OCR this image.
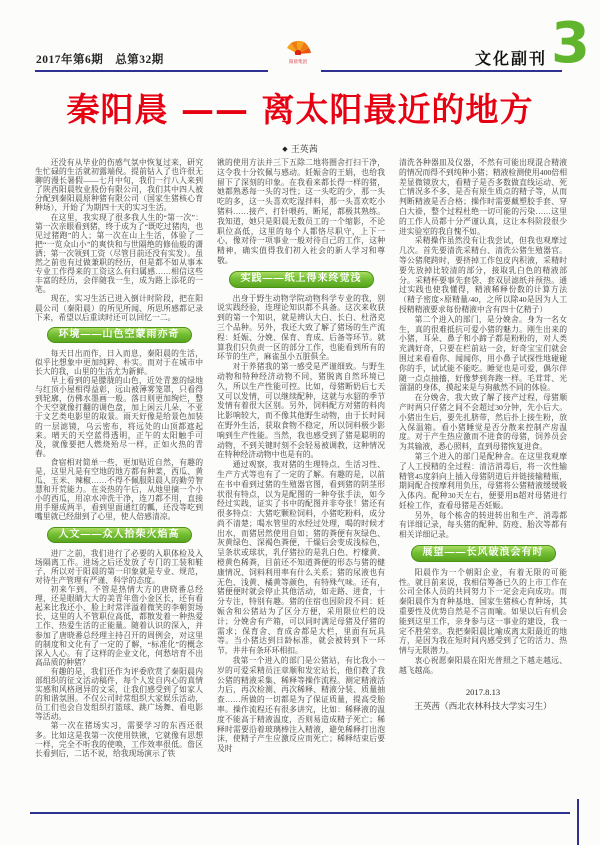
2017年第6期　总第32期	阳晨集团	文化副刊 3
秦阳晨 —— 离太阳最近的地方
◆ 王英茜

还没有从毕业的伤感气氛中恢复过来，研究生忙碌的生活就初露端倪。提前钻入了也许很无聊的漫长暑假——七月中旬，我们一行八人来到了陕西阳晨牧业股份有限公司，我们其中四人被分配到秦阳晨原种猪有限公司（国家生猪核心育种场），开始了为期四十天的实习生活。

在这里，我实现了很多我人生的“第一次”：第一次亲眼看到猪，终于成为了“既吃过猪肉，也见过猪跑”的人；第一次在山上生活，体验了一把“一览众山小”的爽快和与世隔绝的修仙般的潇洒；第一次领到工资（尽管目前还没有实发）。虽然之前也有过做兼职的经历，但是都不如从事本专业工作得来的工资这么有归属感……相信这些丰富的经历，会伴随我一生，成为路上添花的一笔。

现在，实习生活已进入倒计时阶段，把在阳晨公司（秦阳晨）的所见所闻、所思所感都记录下来，希望以后重读时还可以回忆一二。

环境——山色空蒙雨亦奇

每天日出而作，日入而息，秦阳晨的生活，似乎比想象中更加纯粹、朴实。而对于在城市中长大的我，山里的生活尤为新鲜。

早上看到的是朦胧的山色，近处青葱的绿地与红顶小屋相得益彰，远山被薄雾笼罩，只看得到轮廓，仿佛水墨画一般。落日则更加绚烂，整个天空就像打翻的调色盘，加上闲云几朵，不亚于文艺类电影里的取景。雨天好像是给景色加装的一层滤镜，乌云密布，将远处的山顶都遮起来。晴天的天空蓝得透明，正午的太阳触手可及，就像要把人燃烧殆尽一样，正如火热的青春。

食宿相对简单一些，更加贴近自然，有趣的是，这里凡是有空地的地方都有种菜，西瓜、黄瓜、玉米、辣椒……不得不佩服阳晨人的勤劳智慧和开荒能力。在炎热的午后，从地里摘一个小小的西瓜，用凉水冲洗干净，连刀都不用，直接用手掰成两半，看到里面通红的瓤，还没等吃到嘴里就已经甜到了心里，使人倍感清凉。

人文——众人拾柴火焰高

进厂之前，我们进行了必要的入职体检及入场隔离工作。进场之后还发放了专门的工装和鞋子，所以对于阳晨的第一印象就是专业、规范，对待生产管理有严谨、科学的态度。

初来乍到，不管是热情大方的唐晓番总经理，还是眼睛大大的美青年詹小金区长，还有看起来比我还小、脸上时常洋溢着微笑的李朝贺场长，这里的人不管职位高低，都散发着一种热爱工作、热爱生活的正能量。随着认识的深入，并参加了唐晓番总经理主持召开的周例会，对这里的制度和文化有了一定的了解，“标准化”的概念深入人心。有了这样的企业文化，何愁培育不出高品质的种猪？

有趣的是，我们还作为评委欣赏了秦阳晨内部组织的征文活动稿件，每个人发自内心的真情实感和风格迥异的文采，让我们感受到了如家人的和谐氛围。不仅公司时常组织大家娱乐活动，员工们也会自发组织打篮球、跳广场舞、看电影等活动。

第一次在猪场实习，需要学习的东西还很多。比如这是我第一次使用铁锹，它就像有思想一样，完全不听我的使唤，工作效率很低。詹区长看到后，二话不说，给我现场演示了铁

锹的使用方法并三下五除二地将圈舍打扫干净，这令我十分钦佩与感动。妊娠舍的王娟，也给我留下了深刻的印象。在我看来都长得一样的猪，她都熟悉每一头的习性；这一头吃的少，那一头吃的多，这一头喜欢吃湿拌料，那一头喜欢吃小猪料……接产、打针喂药、断尾，都极其熟练。我知道，她只是阳晨无数员工的一个缩影，不论职位高低，这里的每个人都恪尽职守，上下一心，像对待一项事业一般对待自己的工作，这种精神，确实值得我们初入社会的新人学习和尊敬。

实践——纸上得来终觉浅

出身于野生动物学院动物科学专业的我，别说实践经验，连理论知识都不具备。这次来收获到的第一个知识，就是辨认大白、长白、杜洛克三个品种。另外，我还大致了解了猪场的生产流程：妊娠、分娩、保育、育成、后备等环节。就算我们只负责一区的部分工作，也能看到所有的环节的生产，麻雀虽小五脏俱全。

对于养猪我的第一感受是严谨细致。与野生动物和特种经济动物不同，猪脱离自然环境已久，所以生产性能可控。比如，母猪断奶后七天又可以发情，可以继续配种，这就与水貂的季节发情有着很大区别。另外，饲料配方对猪的料肉比影响较大，而不像其他野生动物，由于长时间在野外生活，获取食物不稳定，所以饲料极少影响到生产性能。当然，我也感受到了猪是聪明的动物，不到关键时刻不会轻易被调教，这种情况在特种经济动物中也是有的。

通过观察，我对猪的生理特点、生活习性、生产方式等也有了一定的了解。有趣的是，以前在书中看到过猪的生殖器官图，看到猪的阴茎形状很有特点，以为是配图的一种夸张手法，如今经过实践，证实了书中的配图并非夸张！猪还有很多特点：大猪吃颗粒饲料，小猪吃粉料，成分尚不清楚；喝水管里的水经过处理，喝的时候才出水，而猪居然使用自如；猪的粪便有灰绿色、灰黄绿色、深褐色粪便，干燥后会变成浅棕色，呈条状或球状，乳仔猪拉的是乳白色、柠檬黄、橙黄色稀粪，目前还不知道粪便的形态与猪的健康情况、饲料利用率有什么关系；猪的尿液也有无色、浅黄、橘黄等颜色，有特殊气味。还有，猪便便时就会停止其他活动，如走路、进食，十分专注，特别有趣。猪的住宿也因阶段不同：妊娠舍和公猪站为了区分方便，采用限位栏的设计；分娩舍有产箱，可以同时满足母猪及仔猪的需求；保育舍、育成舍都是大栏，里面有玩具等。当小猪达到日龄标准，就会被转到下一环节，井井有条环环相扣。

我第一个进入的部门是公猪站，有比我小一岁的可爱采精员汪章顺和发宏站长，他们教了我公猪的精液采集、稀释等操作流程。测定精液活力后，再次检测、再次稀释、精液分装、质量抽查……所做的一切都是为了保证质量，提高受胎率。操作流程还有很多讲究，比如：稀释液的温度不能高于精液温度，否则易造成精子死亡；稀释时需要沿着玻璃棒注入精液，避免稀释打出泡沫，使精子产生应激反应而死亡；稀释结束后要及时

清洗各种器皿及仪器，不然有可能出现混合精液的情况而得不到纯种小猪；精液检测使用400倍相差显微镜放大，看精子是否多数做直线运动、死亡情况多不多、是否有原生质点的精子等，从而判断精液是否合格；操作时需要戴塑胶手套、穿白大褂，整个过程杜绝一切可能的污染……这里的工作人员都十分严谨认真，这让本科阶段很少进实验室的我自愧不如。

采精操作虽然没有让我尝试，但我也观摩过几次。首先要清洗采精台、清洗公猪生殖器官。等公猪爬跨时，要挤掉工作包皮内积液，采精时要先放掉比较清的部分，接取乳白色的精液部分。采精杯要事先套袋、套双层滤纸并预热。通过实践也使我懂得，精液稀释份数的计算方法（精子密度×原精量/40，之所以除40是因为人工授精精液要求每份精液中含有四十亿精子）

第二个进入的部门，是分娩舍。身为一名女生，真的很难抵抗可爱小猪的魅力。刚生出来的小猪，耳朵、鼻子和小蹄子都是粉粉的，对人类充满好奇，只要在栏前站一会，好奇宝宝们就会围过来看看你、闻闻你，用小鼻子试探性地碰碰你的手，试试能不能吃。睡觉也是可爱，偶尔伴随一点点抽搐，好像梦到奔跑一样。毛茸茸、光溜溜的身体，摸起来是与狗截然不同的体验。

在分娩舍，我大致了解了接产过程，母猪顺产时两只仔猪之间不会超过30分钟，先小后大。小猪出生后，要先扎脐带，然后扑上接生粉，放入保温箱。看小猪睡觉是否分散来控制产房温度。对于产生热应激而不进食的母猪，饲养员会为其输液，悉心照料，直到母猪恢复进食。

第三个进入的部门是配种舍。在这里我观摩了人工授精的全过程：清洁消毒后，将一次性输精管45度斜向上插入母猪阴道后并链接输精瓶，期间配合按摩利用负压，母猪将公猪精液缓缓吸入体内。配种30天左右，便要用B超对母猪进行妊检工作，查看母猪是否妊娠。

另外，每个栋舍的转进转出和生产、消毒都有详细记录，每头猪的配种、防疫、胎次等都有相关详细记录。

展望——长风破浪会有时

阳晨作为一个朝阳企业，有着无限的可能性。就目前来说，我相信筹备已久的上市工作在公司全体人员的共同努力下一定会走向成功。而秦阳晨作为育种基地、国家生猪核心育种场，其重要性及优势自然是不言而喻。如果以后有机会能到这里工作，亲身参与这一事业的建设，我一定不胜荣幸。我把秦阳晨比喻成离太阳最近的地方，是因为我在短时间内感受到了它的活力、热情与无限潜力。

衷心祝愿秦阳晨在阳光普照之下越走越远、越飞越高。

2017.8.13
王英茜（西北农林科技大学实习生）
